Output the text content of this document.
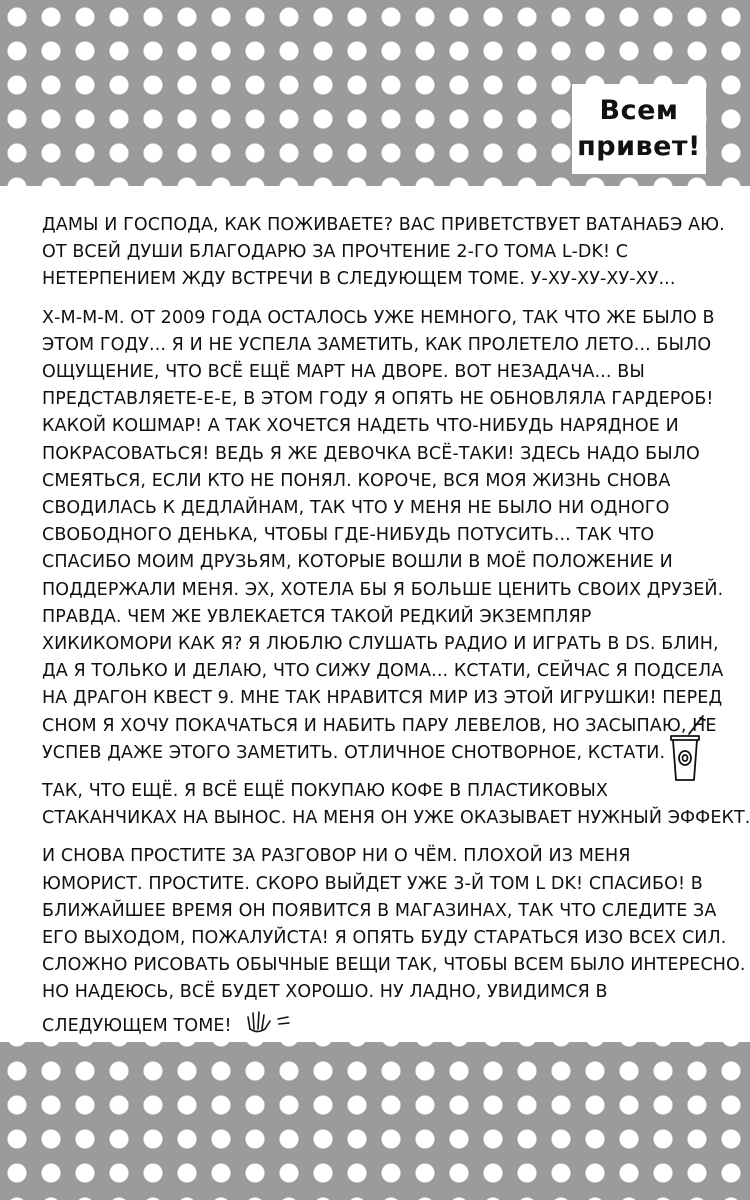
Всем
привет!

ДАМЫ И ГОСПОДА, КАК ПОЖИВАЕТЕ? ВАС ПРИВЕТСТВУЕТ ВАТАНАБЭ АЮ.
ОТ ВСЕЙ ДУШИ БЛАГОДАРЮ ЗА ПРОЧТЕНИЕ 2-ГО ТОМА L-DK! С
НЕТЕРПЕНИЕМ ЖДУ ВСТРЕЧИ В СЛЕДУЮЩЕМ ТОМЕ. У-ХУ-ХУ-ХУ-ХУ...

Х-М-М-М. ОТ 2009 ГОДА ОСТАЛОСЬ УЖЕ НЕМНОГО, ТАК ЧТО ЖЕ БЫЛО В
ЭТОМ ГОДУ... Я И НЕ УСПЕЛА ЗАМЕТИТЬ, КАК ПРОЛЕТЕЛО ЛЕТО... БЫЛО
ОЩУЩЕНИЕ, ЧТО ВСЁ ЕЩЁ МАРТ НА ДВОРЕ. ВОТ НЕЗАДАЧА... ВЫ
ПРЕДСТАВЛЯЕТЕ-Е-Е, В ЭТОМ ГОДУ Я ОПЯТЬ НЕ ОБНОВЛЯЛА ГАРДЕРОБ!
КАКОЙ КОШМАР! А ТАК ХОЧЕТСЯ НАДЕТЬ ЧТО-НИБУДЬ НАРЯДНОЕ И
ПОКРАСОВАТЬСЯ! ВЕДЬ Я ЖЕ ДЕВОЧКА ВСЁ-ТАКИ! ЗДЕСЬ НАДО БЫЛО
СМЕЯТЬСЯ, ЕСЛИ КТО НЕ ПОНЯЛ. КОРОЧЕ, ВСЯ МОЯ ЖИЗНЬ СНОВА
СВОДИЛАСЬ К ДЕДЛАЙНАМ, ТАК ЧТО У МЕНЯ НЕ БЫЛО НИ ОДНОГО
СВОБОДНОГО ДЕНЬКА, ЧТОБЫ ГДЕ-НИБУДЬ ПОТУСИТЬ... ТАК ЧТО
СПАСИБО МОИМ ДРУЗЬЯМ, КОТОРЫЕ ВОШЛИ В МОЁ ПОЛОЖЕНИЕ И
ПОДДЕРЖАЛИ МЕНЯ. ЭХ, ХОТЕЛА БЫ Я БОЛЬШЕ ЦЕНИТЬ СВОИХ ДРУЗЕЙ.
ПРАВДА. ЧЕМ ЖЕ УВЛЕКАЕТСЯ ТАКОЙ РЕДКИЙ ЭКЗЕМПЛЯР
ХИКИКОМОРИ КАК Я? Я ЛЮБЛЮ СЛУШАТЬ РАДИО И ИГРАТЬ В DS. БЛИН,
ДА Я ТОЛЬКО И ДЕЛАЮ, ЧТО СИЖУ ДОМА... КСТАТИ, СЕЙЧАС Я ПОДСЕЛА
НА ДРАГОН КВЕСТ 9. МНЕ ТАК НРАВИТСЯ МИР ИЗ ЭТОЙ ИГРУШКИ! ПЕРЕД
СНОМ Я ХОЧУ ПОКАЧАТЬСЯ И НАБИТЬ ПАРУ ЛЕВЕЛОВ, НО ЗАСЫПАЮ, НЕ
УСПЕВ ДАЖЕ ЭТОГО ЗАМЕТИТЬ. ОТЛИЧНОЕ СНОТВОРНОЕ, КСТАТИ.

ТАК, ЧТО ЕЩЁ. Я ВСЁ ЕЩЁ ПОКУПАЮ КОФЕ В ПЛАСТИКОВЫХ
СТАКАНЧИКАХ НА ВЫНОС. НА МЕНЯ ОН УЖЕ ОКАЗЫВАЕТ НУЖНЫЙ ЭФФЕКТ.

И СНОВА ПРОСТИТЕ ЗА РАЗГОВОР НИ О ЧЁМ. ПЛОХОЙ ИЗ МЕНЯ
ЮМОРИСТ. ПРОСТИТЕ. СКОРО ВЫЙДЕТ УЖЕ 3-Й ТОМ L DK! СПАСИБО! В
БЛИЖАЙШЕЕ ВРЕМЯ ОН ПОЯВИТСЯ В МАГАЗИНАХ, ТАК ЧТО СЛЕДИТЕ ЗА
ЕГО ВЫХОДОМ, ПОЖАЛУЙСТА! Я ОПЯТЬ БУДУ СТАРАТЬСЯ ИЗО ВСЕХ СИЛ.
СЛОЖНО РИСОВАТЬ ОБЫЧНЫЕ ВЕЩИ ТАК, ЧТОБЫ ВСЕМ БЫЛО ИНТЕРЕСНО.
НО НАДЕЮСЬ, ВСЁ БУДЕТ ХОРОШО. НУ ЛАДНО, УВИДИМСЯ В
СЛЕДУЮЩЕМ ТОМЕ!
